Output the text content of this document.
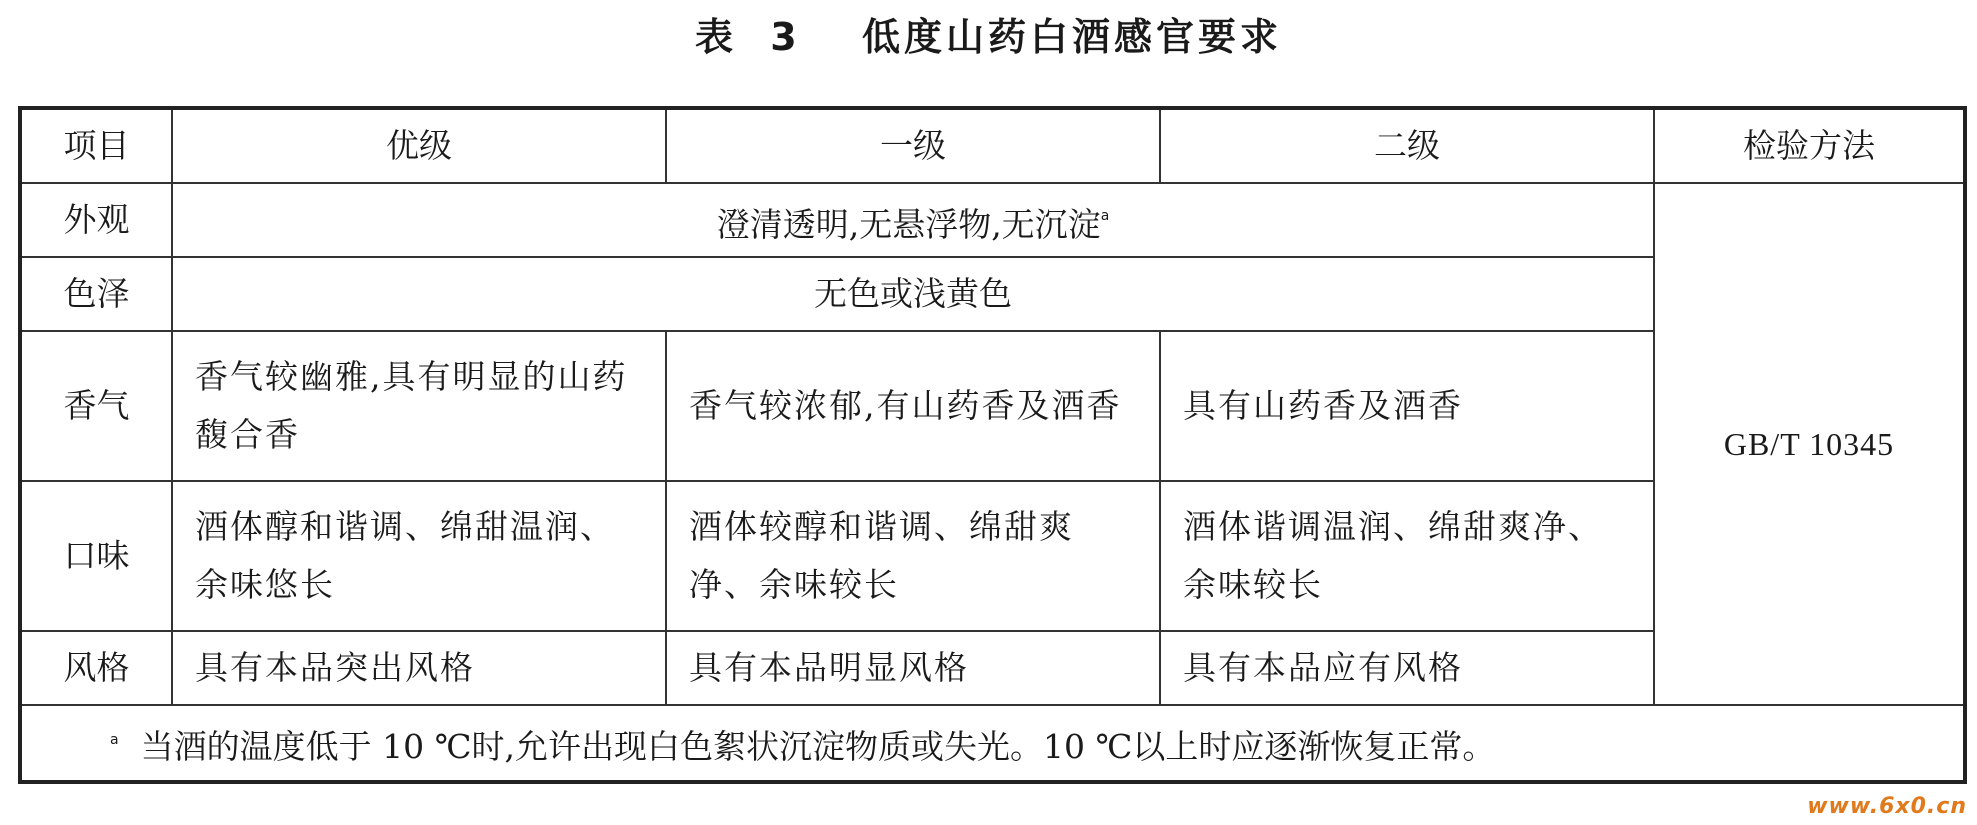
表 3 低度山药白酒感官要求
项目	优级	一级	二级	检验方法
外观	澄清透明,无悬浮物,无沉淀$^a$			GB/T 10345
色泽	无色或浅黄色			
香气	香气较幽雅,具有明显的山药馥合香	香气较浓郁,有山药香及酒香	具有山药香及酒香	
口味	酒体醇和谐调、绵甜温润、余味悠长	酒体较醇和谐调、绵甜爽净、余味较长	酒体谐调温润、绵甜爽净、余味较长	
风格	具有本品突出风格	具有本品明显风格	具有本品应有风格	
$^a$ 当酒的温度低于 10 ℃时,允许出现白色絮状沉淀物质或失光。10 ℃以上时应逐渐恢复正常。				
www.6x0.cn
